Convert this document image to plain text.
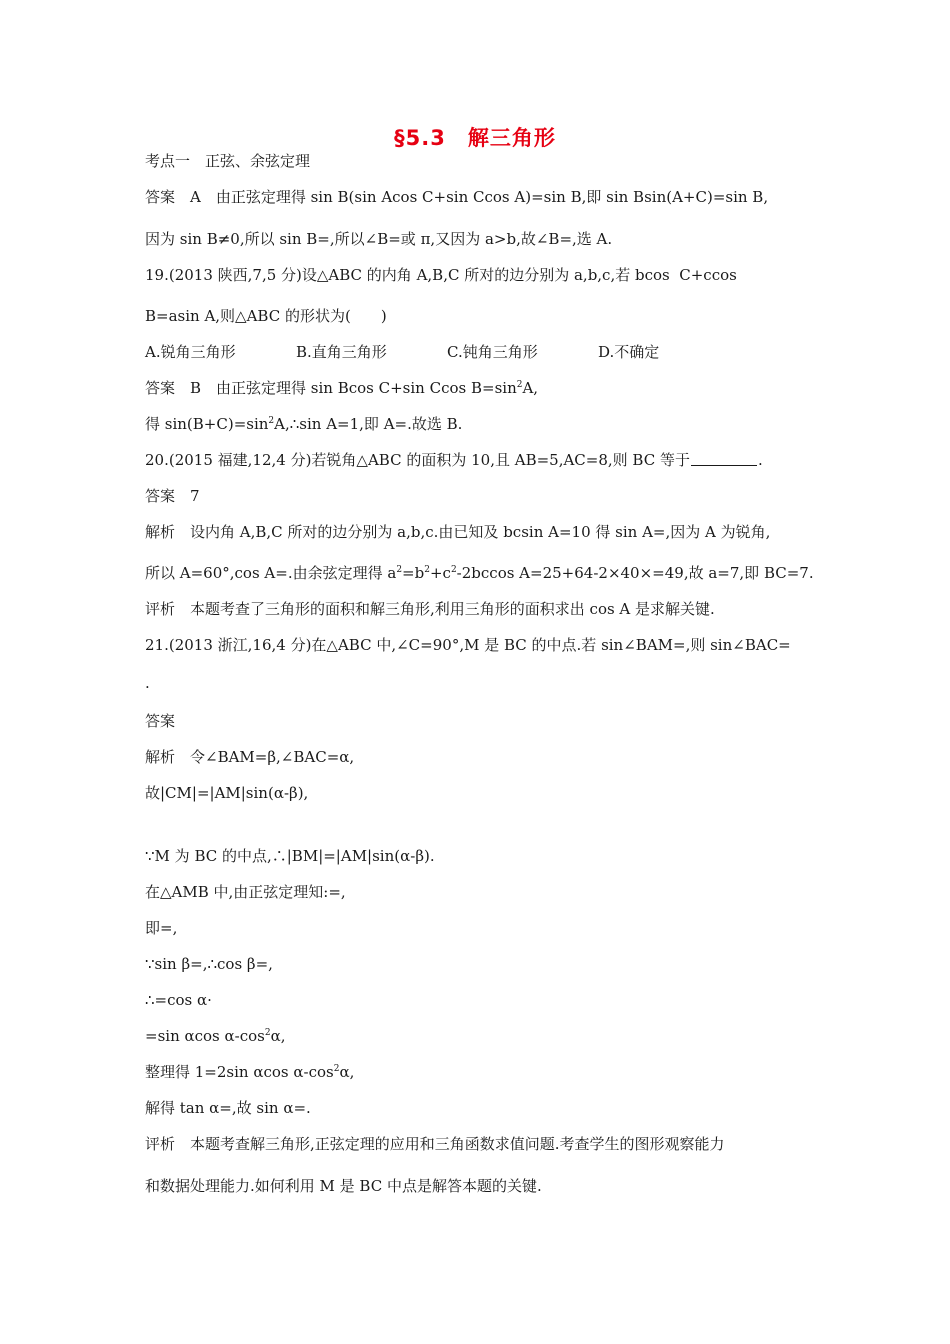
§5.3　解三角形
考点一　正弦、余弦定理
答案　A　由正弦定理得 sin B(sin Acos C+sin Ccos A)=sin B,即 sin Bsin(A+C)=sin B,
因为 sin B≠0,所以 sin B=,所以∠B=或 π,又因为 a>b,故∠B=,选 A.
19.(2013 陕西,7,5 分)设△ABC 的内角 A,B,C 所对的边分别为 a,b,c,若 bcos  C+ccos
B=asin A,则△ABC 的形状为(　　)
A.锐角三角形	B.直角三角形	C.钝角三角形	D.不确定
答案　B　由正弦定理得 sin Bcos C+sin Ccos $B=\sin^2A$,
得 $\sin(B+C)=\sin^2A,\therefore\sin$ A=1,即 A=.故选 B.
20.(2015 福建,12,4 分)若锐角△ABC 的面积为 10,且 AB=5,AC=8,则 BC 等于	.
答案　7
解析　设内角 A,B,C 所对的边分别为 a,b,c.由已知及 bcsin A=10 得 sin A=,因为 A 为锐角,
所以 A=60°,cos A=.由余弦定理得 $a^2=b^2+c^2-2bccos$ A=25+64-2×40×=49,故 a=7,即 BC=7.
评析　本题考查了三角形的面积和解三角形,利用三角形的面积求出 cos A 是求解关键.
21.(2013 浙江,16,4 分)在△ABC 中,∠C=90°,M 是 BC 的中点.若 sin∠BAM=,则 sin∠BAC=
.
答案
解析　令∠BAM=β,∠BAC=α,
故|CM|=|AM|sin(α-β),
∵M 为 BC 的中点,∴|BM|=|AM|sin(α-β).
在△AMB 中,由正弦定理知:=,
即=,
∵sin β=,∴cos β=,
∴=cos α·
=sin αcos $\alpha-\cos^2\alpha$,
整理得 1=2sin αcos $\alpha-\cos^2\alpha$,
解得 tan α=,故 sin α=.
评析　本题考查解三角形,正弦定理的应用和三角函数求值问题.考查学生的图形观察能力
和数据处理能力.如何利用 M 是 BC 中点是解答本题的关键.
